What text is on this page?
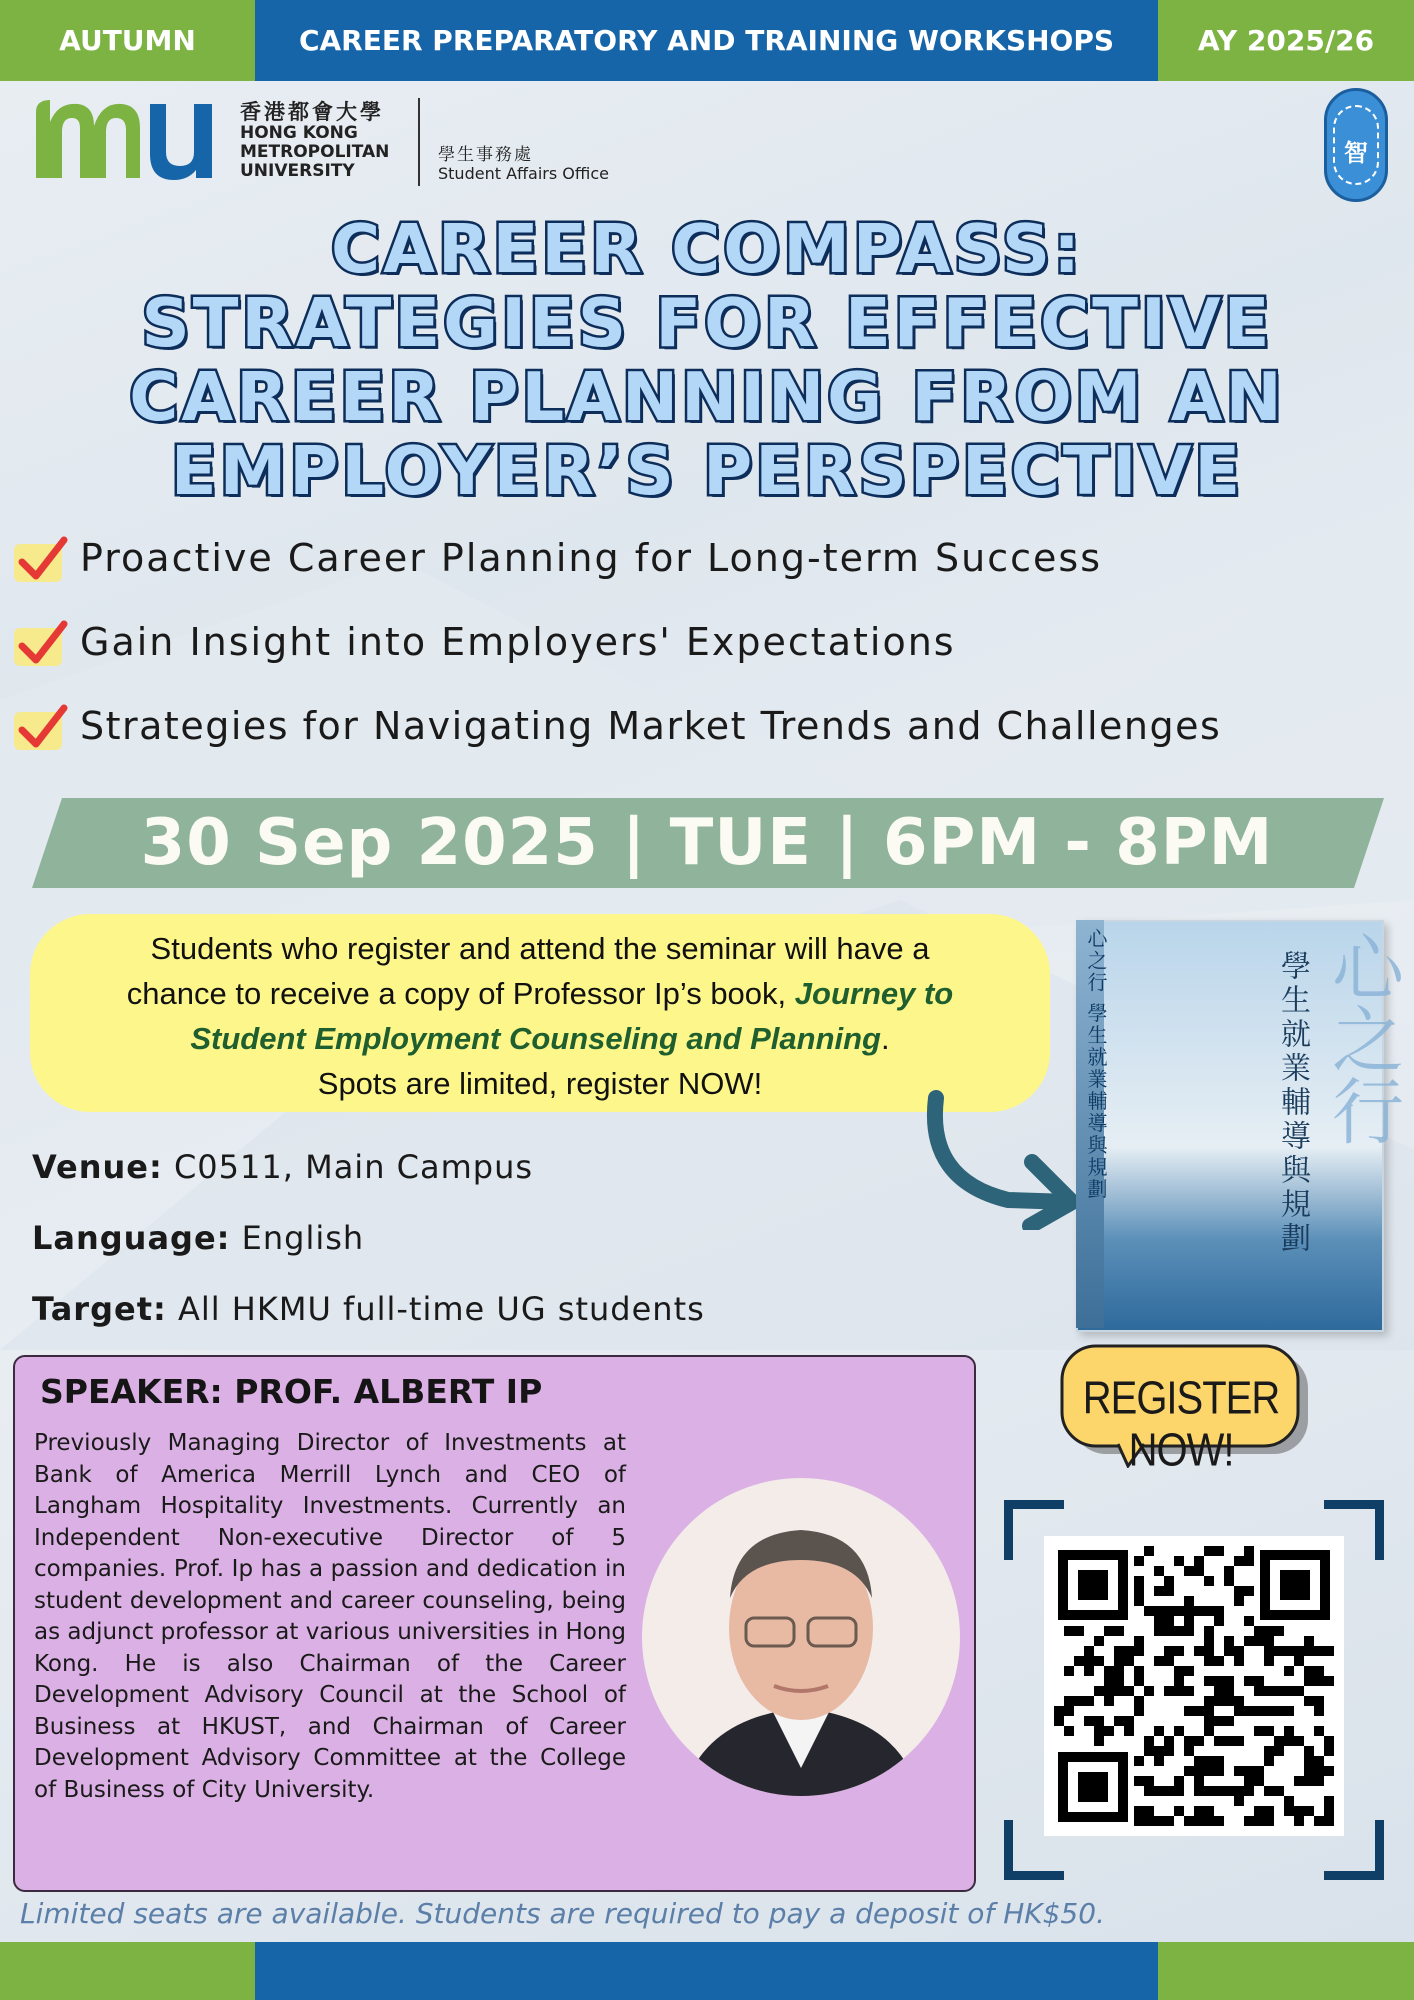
AUTUMN	CAREER PREPARATORY AND TRAINING WORKSHOPS	AY 2025/26
香港都會大學
HONG KONG
METROPOLITAN
UNIVERSITY
學生事務處
Student Affairs Office
智
CAREER COMPASS:
STRATEGIES FOR EFFECTIVE
CAREER PLANNING FROM AN
EMPLOYER’S PERSPECTIVE
Proactive Career Planning for Long-term Success
Gain Insight into Employers' Expectations
Strategies for Navigating Market Trends and Challenges
30 Sep 2025 | TUE | 6PM - 8PM
Students who register and attend the seminar will have a
chance to receive a copy of Professor Ip’s book, Journey to
Student Employment Counseling and Planning.
Spots are limited, register NOW!	心之行 學生就業輔導與規劃	心之行
學生就業輔導與規劃
Venue: C0511, Main Campus
Language: English
Target: All HKMU full-time UG students
SPEAKER: PROF. ALBERT IP
Previously Managing Director of Investments at Bank of America Merrill Lynch and CEO of Langham Hospitality Investments. Currently an Independent Non-executive Director of 5 companies. Prof. Ip has a passion and dedication in student development and career counseling, being as adjunct professor at various universities in Hong Kong. He is also Chairman of the Career Development Advisory Council at the School of Business at HKUST, and Chairman of Career Development Advisory Committee at the College of Business of City University.
REGISTER NOW!
Limited seats are available. Students are required to pay a deposit of HK$50.
